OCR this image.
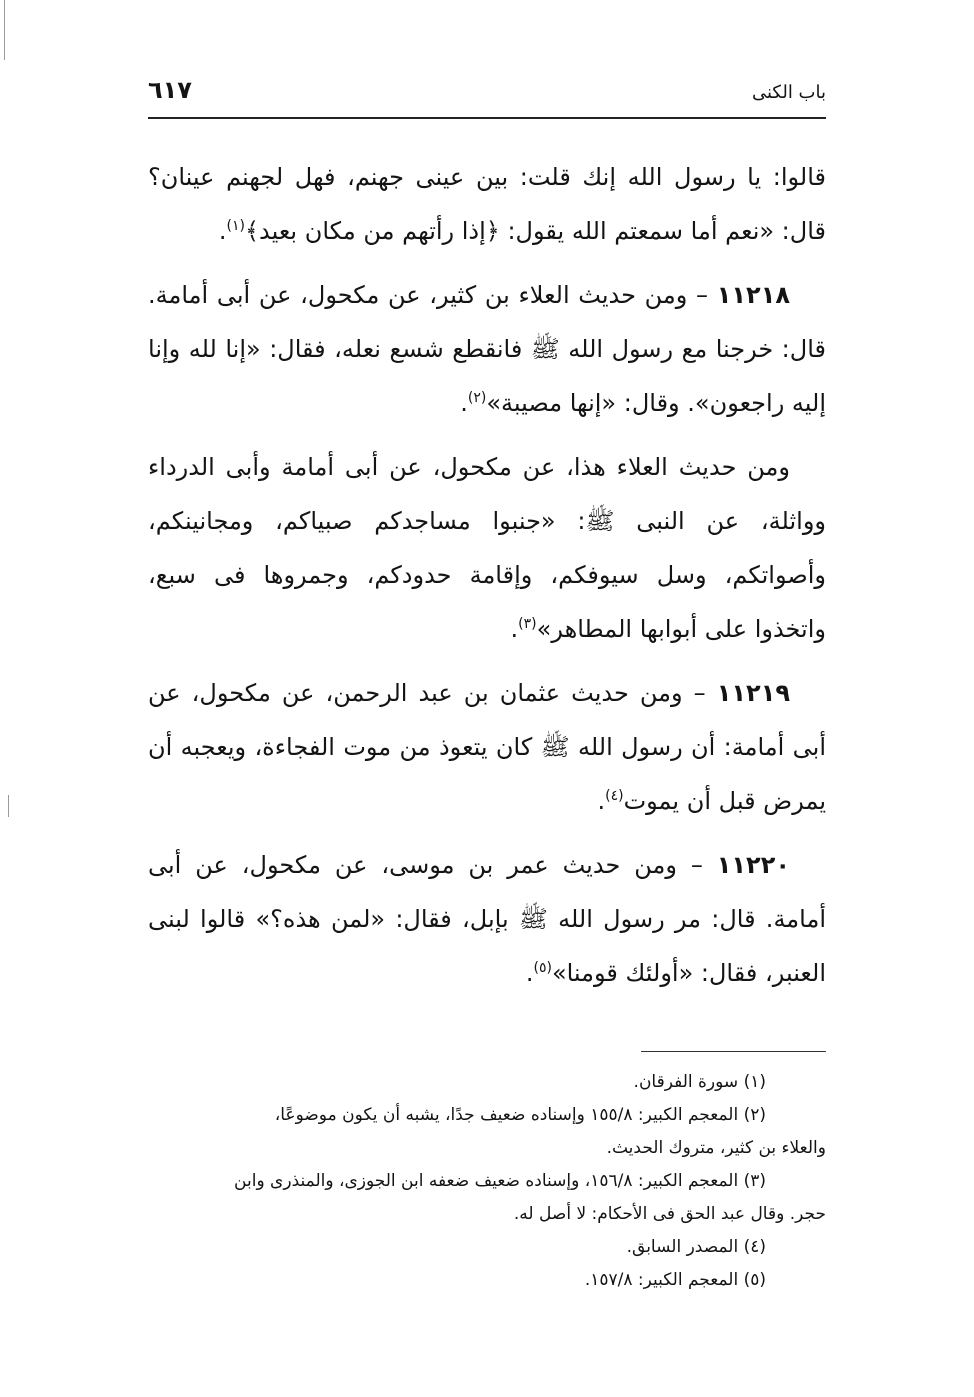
٦١٧	باب الكنى

قالوا: يا رسول الله إنك قلت: بين عينى جهنم، فهل لجهنم عينان؟ قال: «نعم أما سمعتم الله يقول: ﴿إذا رأتهم من مكان بعيد﴾$^{(١)}$.

١١٢١٨ – ومن حديث العلاء بن كثير، عن مكحول، عن أبى أمامة. قال: خرجنا مع رسول الله ﷺ فانقطع شسع نعله، فقال: «إنا لله وإنا إليه راجعون». وقال: «إنها مصيبة»$^{(٢)}$.

ومن حديث العلاء هذا، عن مكحول، عن أبى أمامة وأبى الدرداء وواثلة، عن النبى ﷺ: «جنبوا مساجدكم صبياكم، ومجانينكم، وأصواتكم، وسل سيوفكم، وإقامة حدودكم، وجمروها فى سبع، واتخذوا على أبوابها المطاهر»$^{(٣)}$.

١١٢١٩ – ومن حديث عثمان بن عبد الرحمن، عن مكحول، عن أبى أمامة: أن رسول الله ﷺ كان يتعوذ من موت الفجاءة، ويعجبه أن يمرض قبل أن يموت$^{(٤)}$.

١١٢٢٠ – ومن حديث عمر بن موسى، عن مكحول، عن أبى أمامة. قال: مر رسول الله ﷺ بإبل، فقال: «لمن هذه؟» قالوا لبنى العنبر، فقال: «أولئك قومنا»$^{(٥)}$.

(١) سورة الفرقان.

(٢) المعجم الكبير: ١٥٥/٨ وإسناده ضعيف جدًا، يشبه أن يكون موضوعًا،

والعلاء بن كثير، متروك الحديث.

(٣) المعجم الكبير: ١٥٦/٨، وإسناده ضعيف ضعفه ابن الجوزى، والمنذرى وابن

حجر. وقال عبد الحق فى الأحكام: لا أصل له.

(٤) المصدر السابق.

(٥) المعجم الكبير: ١٥٧/٨.
